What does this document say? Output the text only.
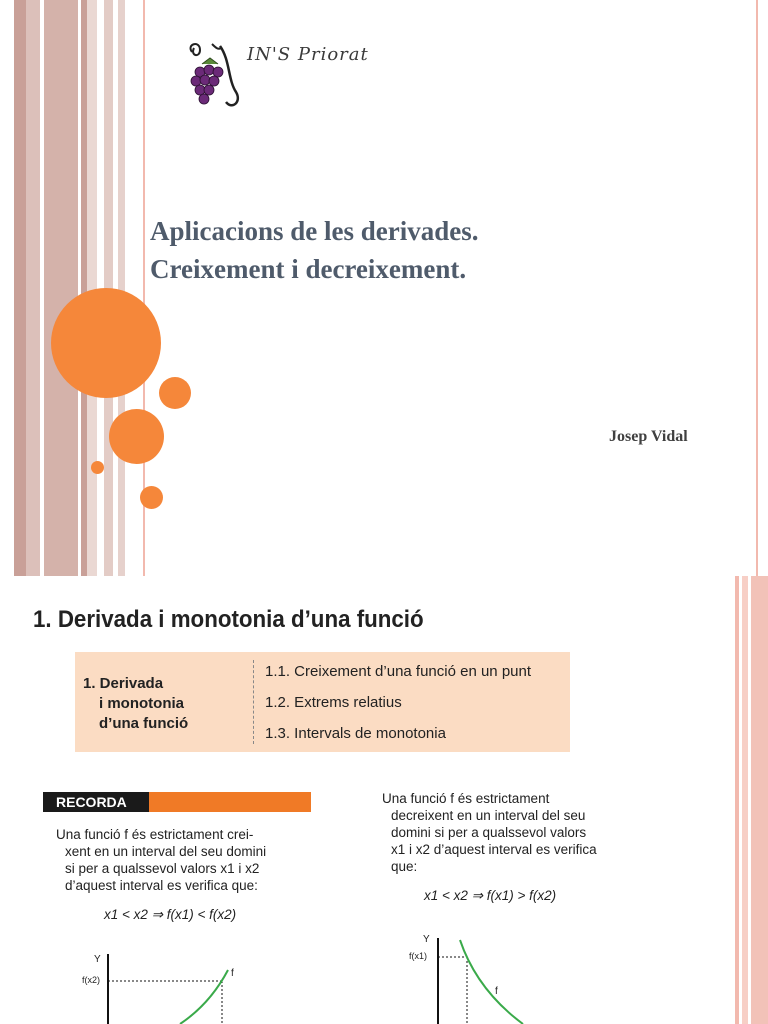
IN'S Priorat
Aplicacions de les derivades.
Creixement i decreixement.
Josep Vidal
1. Derivada i monotonia d’una funció
1. Derivada
i monotonia
d’una funció
1.1. Creixement d’una funció en un punt
1.2. Extrems relatius
1.3. Intervals de monotonia
RECORDA
Una funció f és estrictament crei-
xent en un interval del seu domini
si per a qualssevol valors x1 i x2
d’aquest interval es verifica que:
x1 < x2 ⇒ f(x1) < f(x2)
Una funció f és estrictament
decreixent en un interval del seu
domini si per a qualssevol valors
x1 i x2 d’aquest interval es verifica
que:
x1 < x2 ⇒ f(x1) > f(x2)
Y
f(x2)
f
Y
f(x1)
f
